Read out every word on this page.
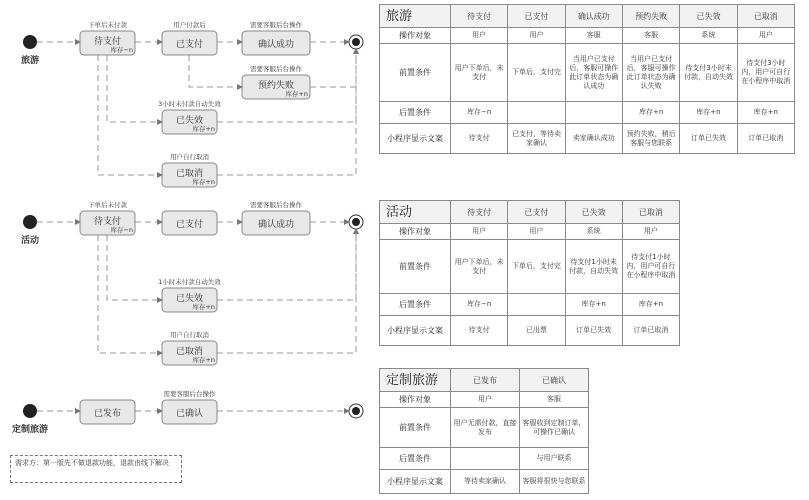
旅游
待支付
库存−n
下单后未付款
已支付
用户付款后
确认成功
需要客服后台操作
预约失败
库存+n
需要客服后台操作
已失效
库存+n
3小时未付款自动失效
已取消
库存+n
用户自行取消
活动
待支付
库存−n
下单后未付款
已支付	确认成功
需要客服后台操作
已失效
库存+n
1小时未付款自动失效
已取消
库存+n
用户自行取消
定制旅游
已发布	已确认
需要客服后台操作
旅游	待支付	已支付	确认成功	预约失败	已失效	已取消
操作对象	用户	用户	客服	客服	系统	用户
前置条件	用户下单后，未支付	下单后，支付完	当用户已支付后，客服可操作此订单状态为确认成功	当用户已支付后，客服可操作此订单状态为确认失败	待支付3小时未付款，自动失效	待支付3小时内，用户可自行在小程序中取消
后置条件	库存−n			库存+n	库存+n	库存+n
小程序显示文案	待支付	已支付，等待卖家确认	卖家确认成功	预约失败，稍后客服与您联系	订单已失效	订单已取消
活动	待支付	已支付	已失效	已取消
操作对象	用户	用户	系统	用户
前置条件	用户下单后，未支付	下单后，支付完	待支付1小时未付款，自动失效	待支付1小时内，用户可自行在小程序中取消
后置条件	库存−n		库存+n	库存+n
小程序显示文案	待支付	已出票	订单已失效	订单已取消
定制旅游	已发布	已确认
操作对象	用户	客服
前置条件	用户无需付款，直接发布	客服收到定制订单，可操作已确认
后置条件		与用户联系
小程序显示文案	等待卖家确认	客服将很快与您联系
需求方：第一版先不做退款功能，退款由线下解决
